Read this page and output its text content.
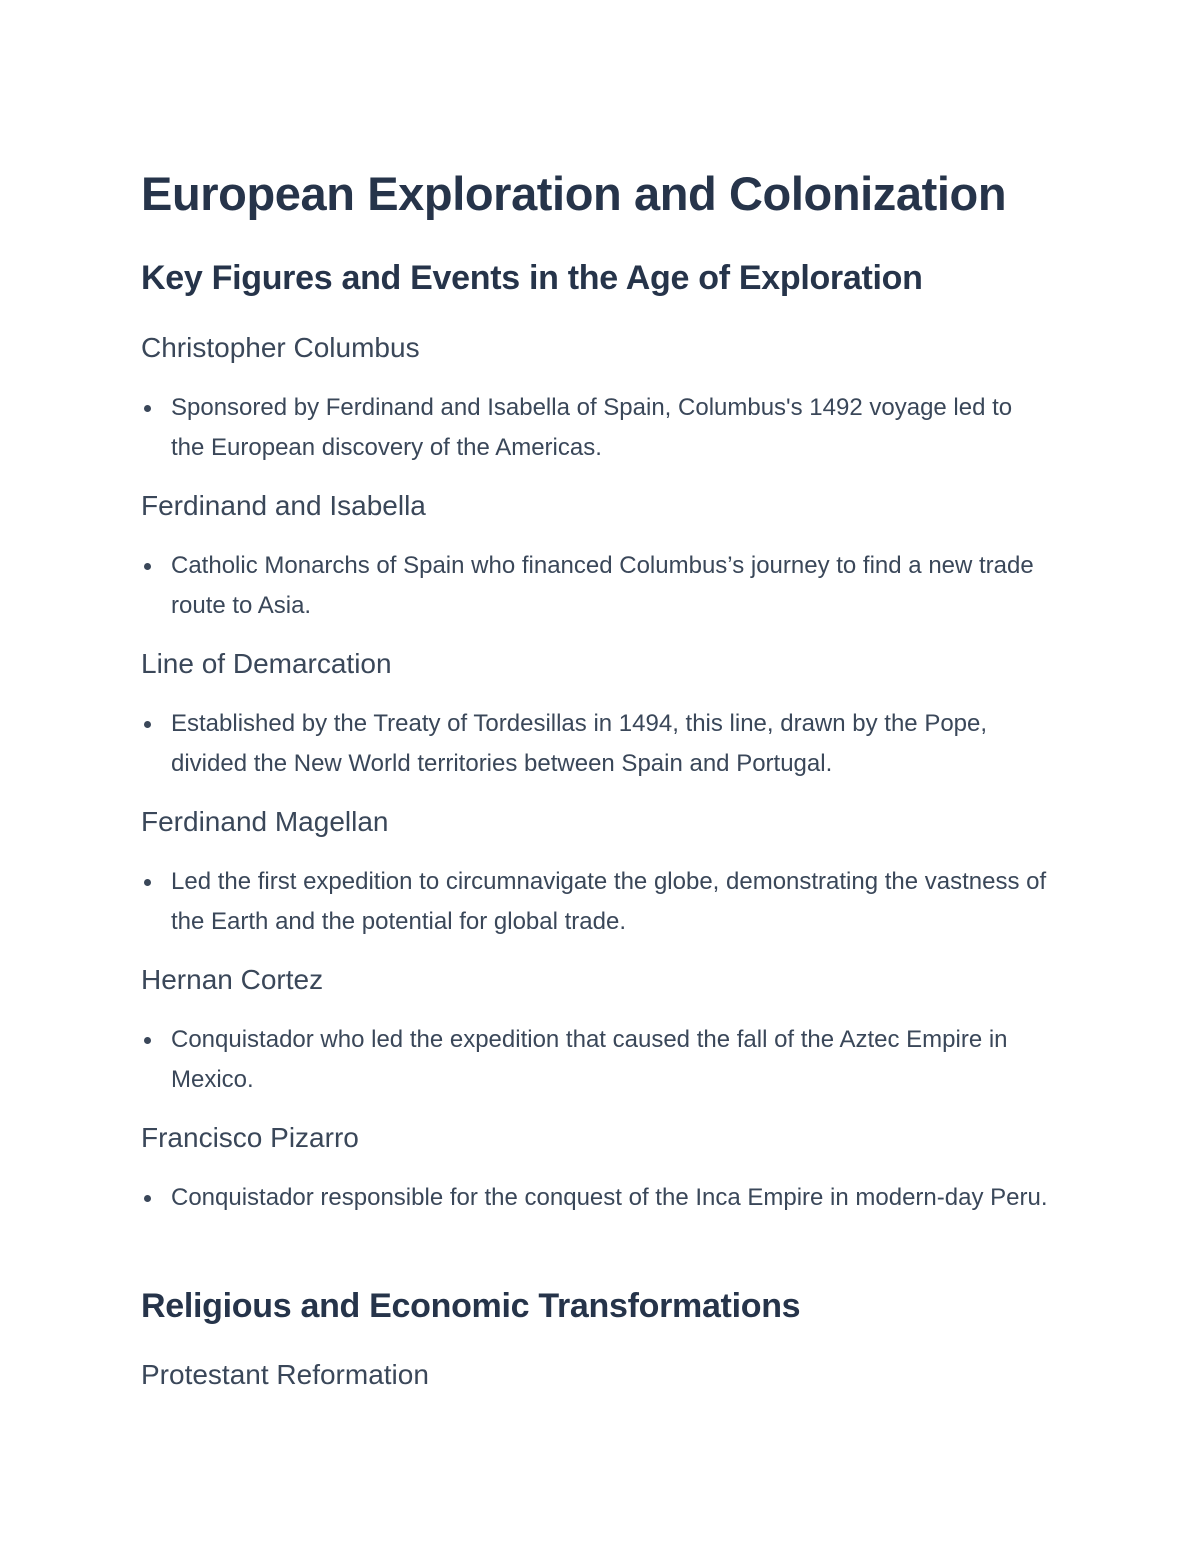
European Exploration and Colonization
Key Figures and Events in the Age of Exploration
Christopher Columbus
Sponsored by Ferdinand and Isabella of Spain, Columbus's 1492 voyage led to the European discovery of the Americas.
Ferdinand and Isabella
Catholic Monarchs of Spain who financed Columbus’s journey to find a new trade route to Asia.
Line of Demarcation
Established by the Treaty of Tordesillas in 1494, this line, drawn by the Pope, divided the New World territories between Spain and Portugal.
Ferdinand Magellan
Led the first expedition to circumnavigate the globe, demonstrating the vastness of the Earth and the potential for global trade.
Hernan Cortez
Conquistador who led the expedition that caused the fall of the Aztec Empire in Mexico.
Francisco Pizarro
Conquistador responsible for the conquest of the Inca Empire in modern-day Peru.
Religious and Economic Transformations
Protestant Reformation
